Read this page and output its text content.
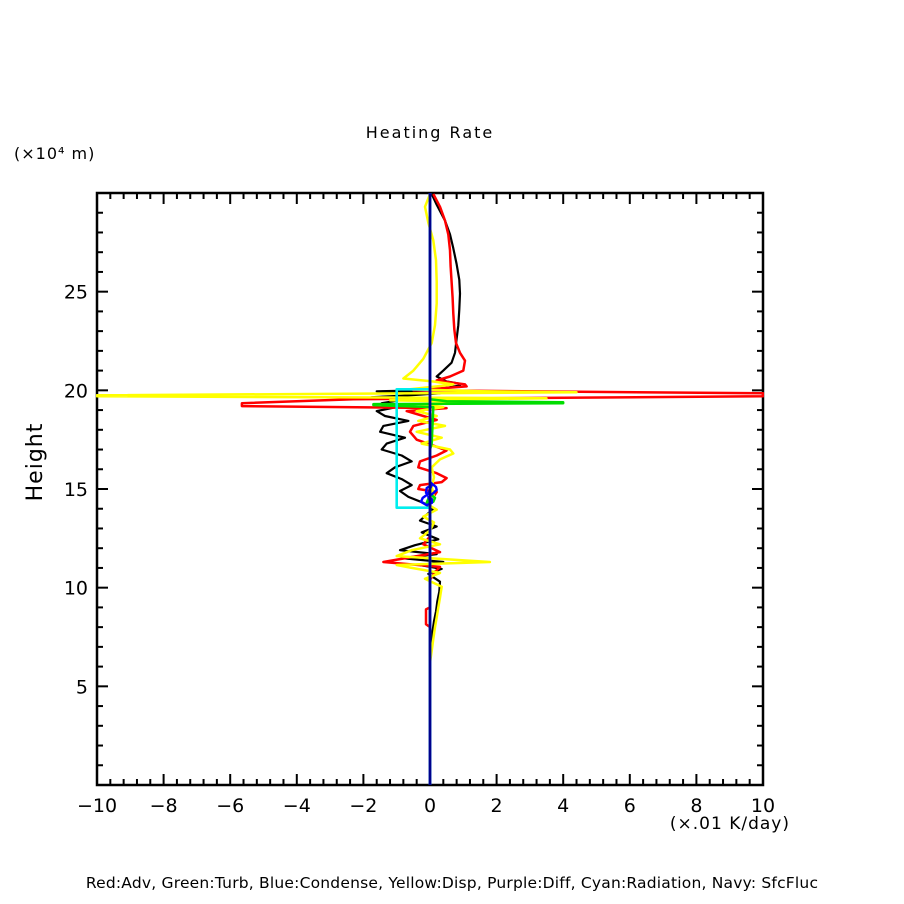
Heating Rate
(×10⁴ m)
Height
−10 −8 −6 −4 −2 0	2	4	6	8	10
5
10
15
20
25
(×.01 K/day)
Red:Adv, Green:Turb, Blue:Condense, Yellow:Disp, Purple:Diff, Cyan:Radiation, Navy: SfcFluc
